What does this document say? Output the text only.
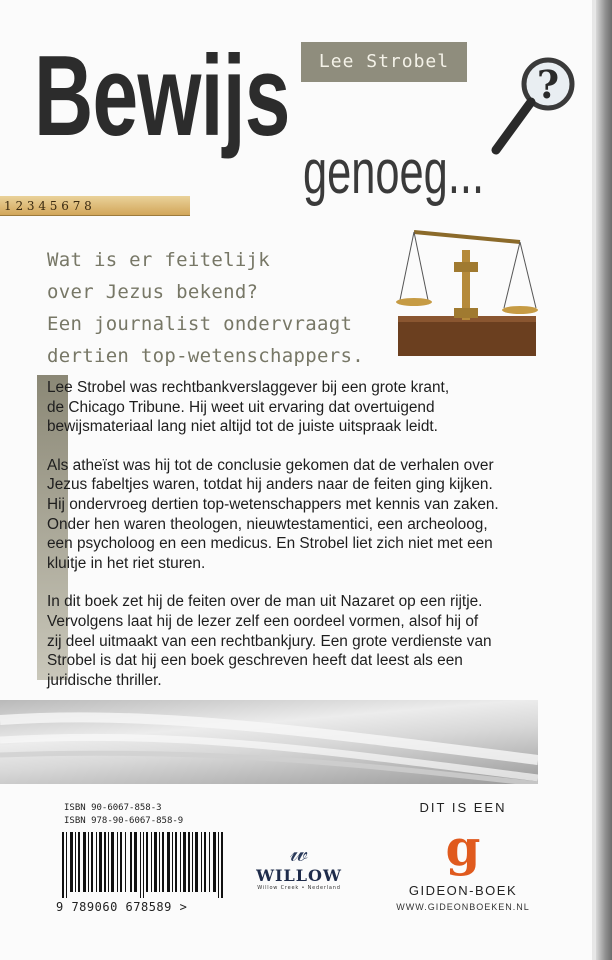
Lee Strobel
Bewijs
genoeg...
?
1 2 3 4 5 6 7 8
Wat is er feitelijk
over Jezus bekend?
Een journalist ondervraagt
dertien top-wetenschappers.

Lee Strobel was rechtbankverslaggever bij een grote krant,
de Chicago Tribune. Hij weet uit ervaring dat overtuigend
bewijsmateriaal lang niet altijd tot de juiste uitspraak leidt.

Als atheïst was hij tot de conclusie gekomen dat de verhalen over
Jezus fabeltjes waren, totdat hij anders naar de feiten ging kijken.
Hij ondervroeg dertien top-wetenschappers met kennis van zaken.
Onder hen waren theologen, nieuwtestamentici, een archeoloog,
een psycholoog en een medicus. En Strobel liet zich niet met een
kluitje in het riet sturen.

In dit boek zet hij de feiten over de man uit Nazaret op een rijtje.
Vervolgens laat hij de lezer zelf een oordeel vormen, alsof hij of
zij deel uitmaakt van een rechtbankjury. Een grote verdienste van
Strobel is dat hij een boek geschreven heeft dat leest als een
juridische thriller.

ISBN 90-6067-858-3
ISBN 978-90-6067-858-9
9 789060 678589 >
𝓌
WILLOW
Willow Creek • Nederland
DIT IS EEN
g
GIDEON-BOEK
WWW.GIDEONBOEKEN.NL
